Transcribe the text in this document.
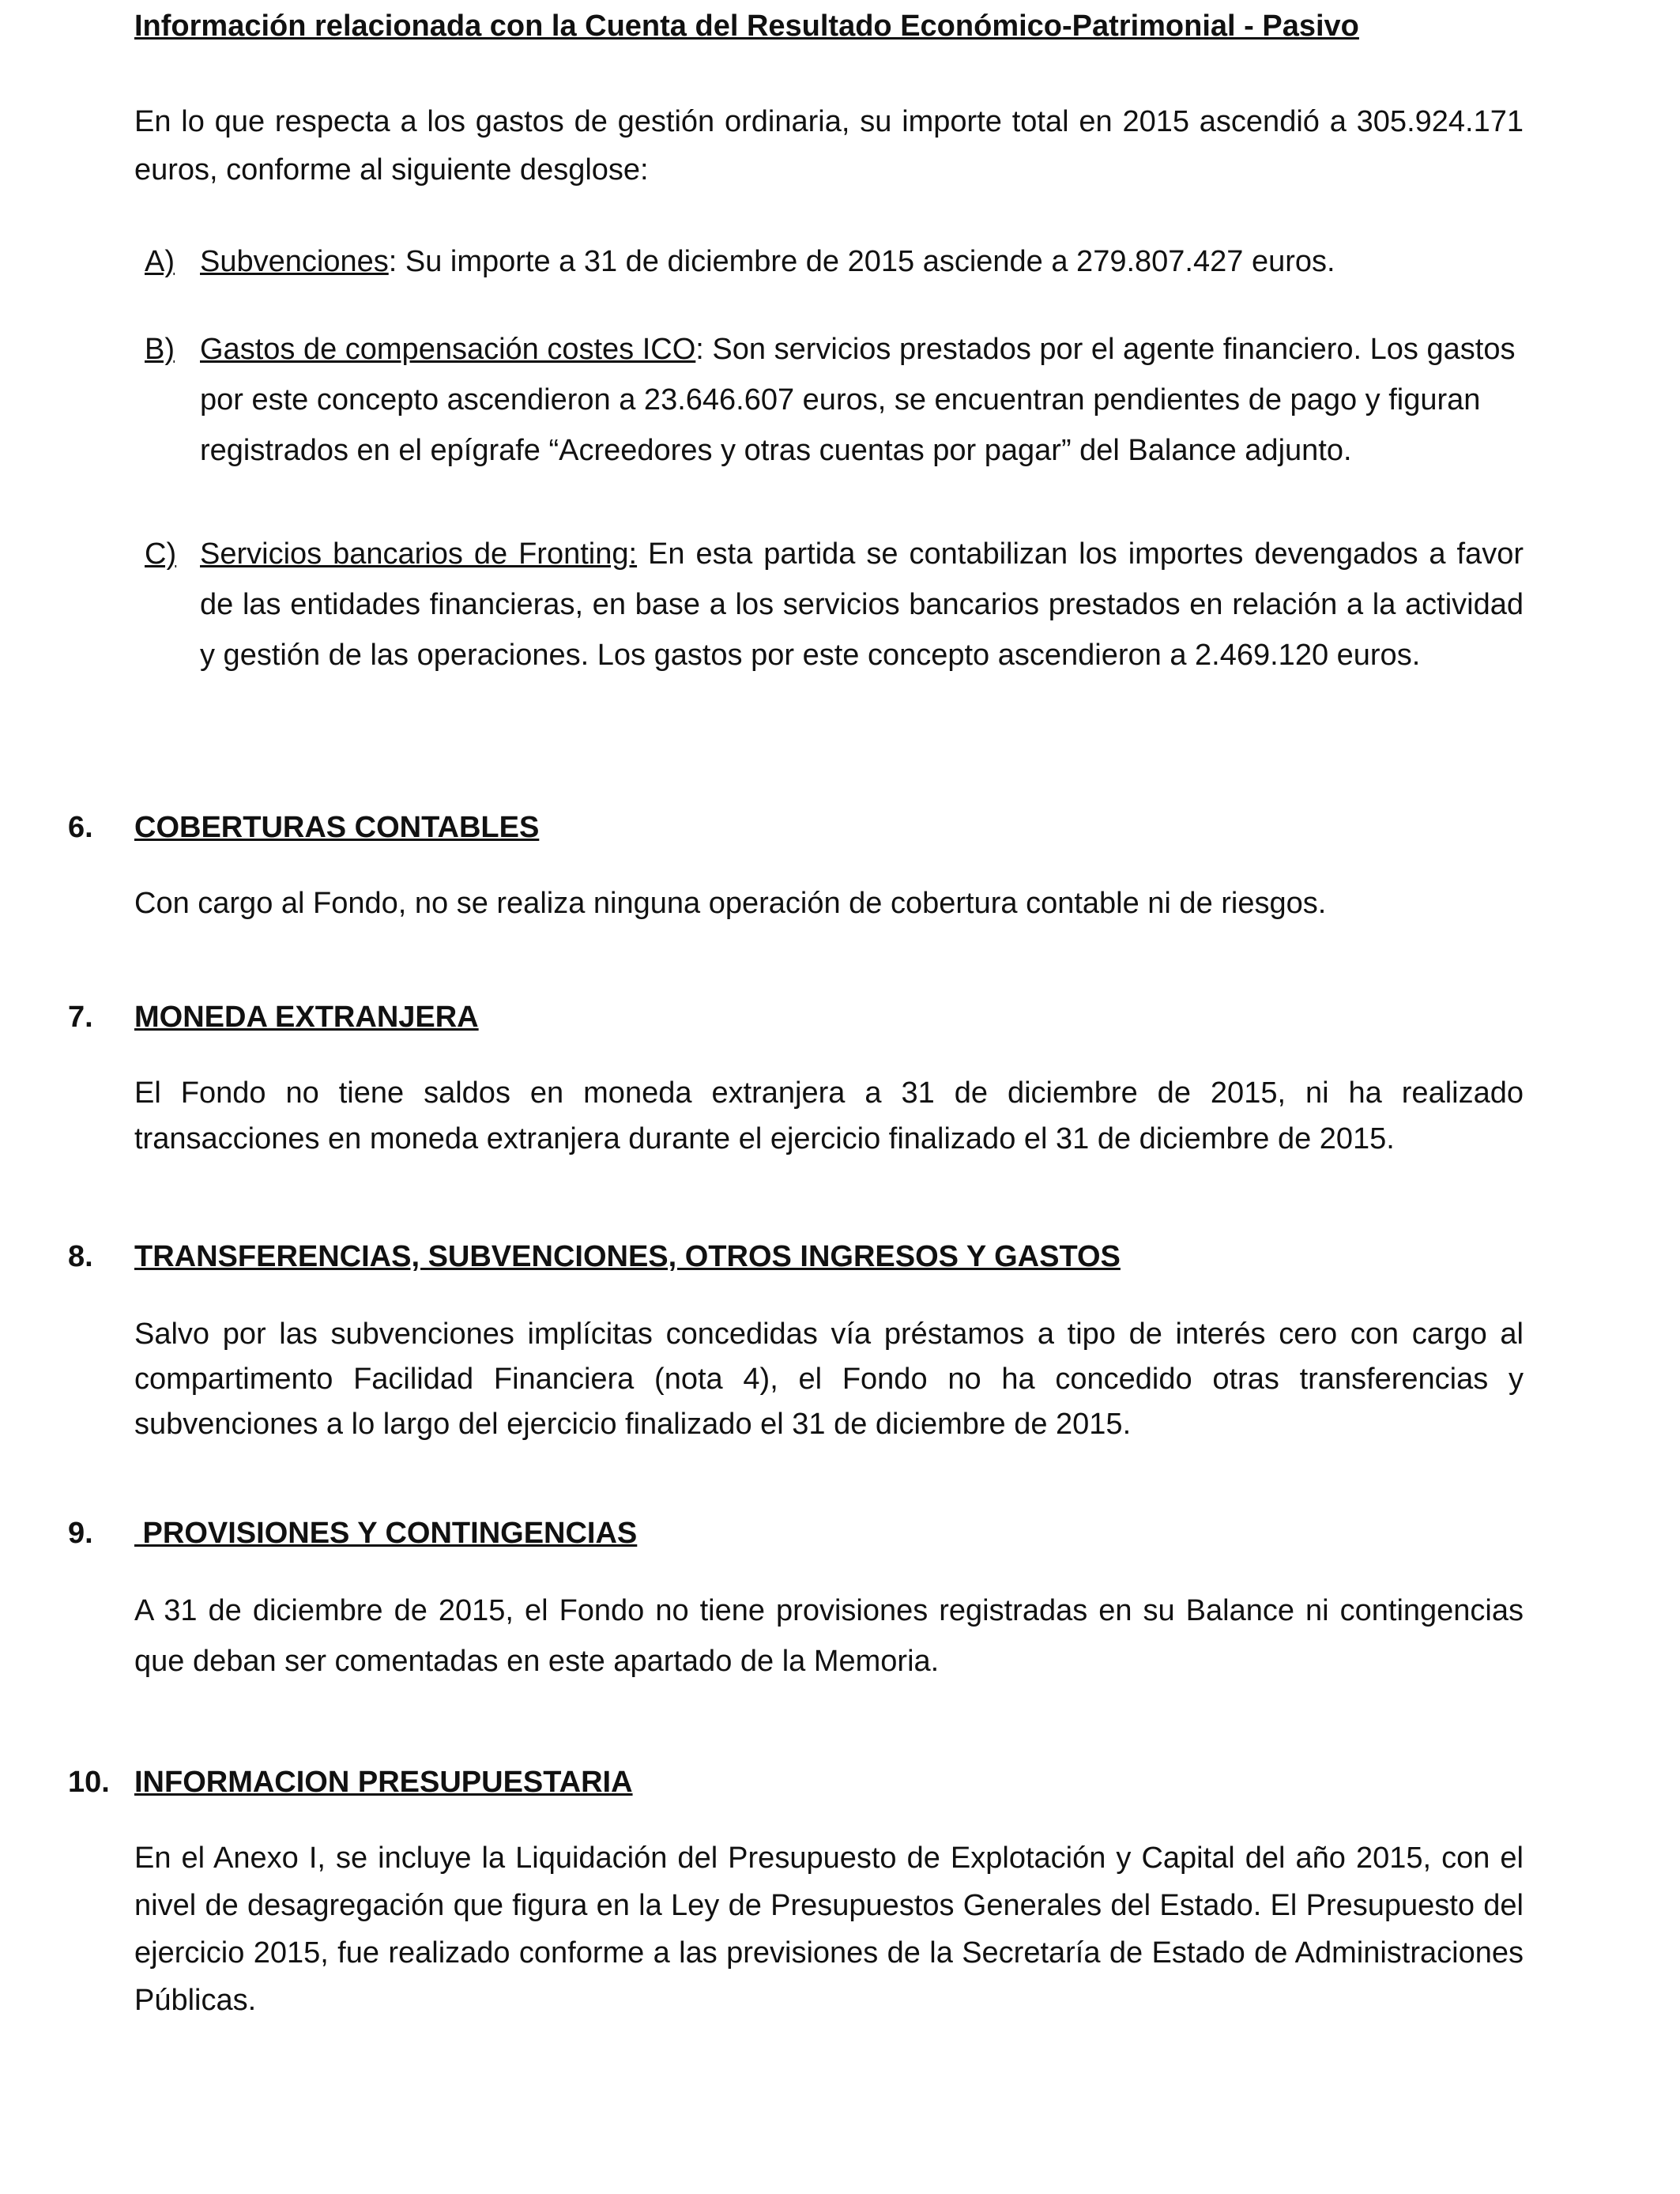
Información relacionada con la Cuenta del Resultado Económico-Patrimonial - Pasivo

En lo que respecta a los gastos de gestión ordinaria, su importe total en 2015 ascendió a 305.924.171 euros, conforme al siguiente desglose:

A) Subvenciones: Su importe a 31 de diciembre de 2015 asciende a 279.807.427 euros.
B) Gastos de compensación costes ICO: Son servicios prestados por el agente financiero. Los gastos por este concepto ascendieron a 23.646.607 euros, se encuentran pendientes de pago y figuran registrados en el epígrafe “Acreedores y otras cuentas por pagar” del Balance adjunto.
C) Servicios bancarios de Fronting: En esta partida se contabilizan los importes devengados a favor de las entidades financieras, en base a los servicios bancarios prestados en relación a la actividad y gestión de las operaciones. Los gastos por este concepto ascendieron a 2.469.120 euros.
6. COBERTURAS CONTABLES

Con cargo al Fondo, no se realiza ninguna operación de cobertura contable ni de riesgos.

7. MONEDA EXTRANJERA

El Fondo no tiene saldos en moneda extranjera a 31 de diciembre de 2015, ni ha realizado transacciones en moneda extranjera durante el ejercicio finalizado el 31 de diciembre de 2015.

8. TRANSFERENCIAS, SUBVENCIONES, OTROS INGRESOS Y GASTOS

Salvo por las subvenciones implícitas concedidas vía préstamos a tipo de interés cero con cargo al compartimento Facilidad Financiera (nota 4), el Fondo no ha concedido otras transferencias y subvenciones a lo largo del ejercicio finalizado el 31 de diciembre de 2015.

9. PROVISIONES Y CONTINGENCIAS

A 31 de diciembre de 2015, el Fondo no tiene provisiones registradas en su Balance ni contingencias que deban ser comentadas en este apartado de la Memoria.

10. INFORMACION PRESUPUESTARIA

En el Anexo I, se incluye la Liquidación del Presupuesto de Explotación y Capital del año 2015, con el nivel de desagregación que figura en la Ley de Presupuestos Generales del Estado. El Presupuesto del ejercicio 2015, fue realizado conforme a las previsiones de la Secretaría de Estado de Administraciones Públicas.
